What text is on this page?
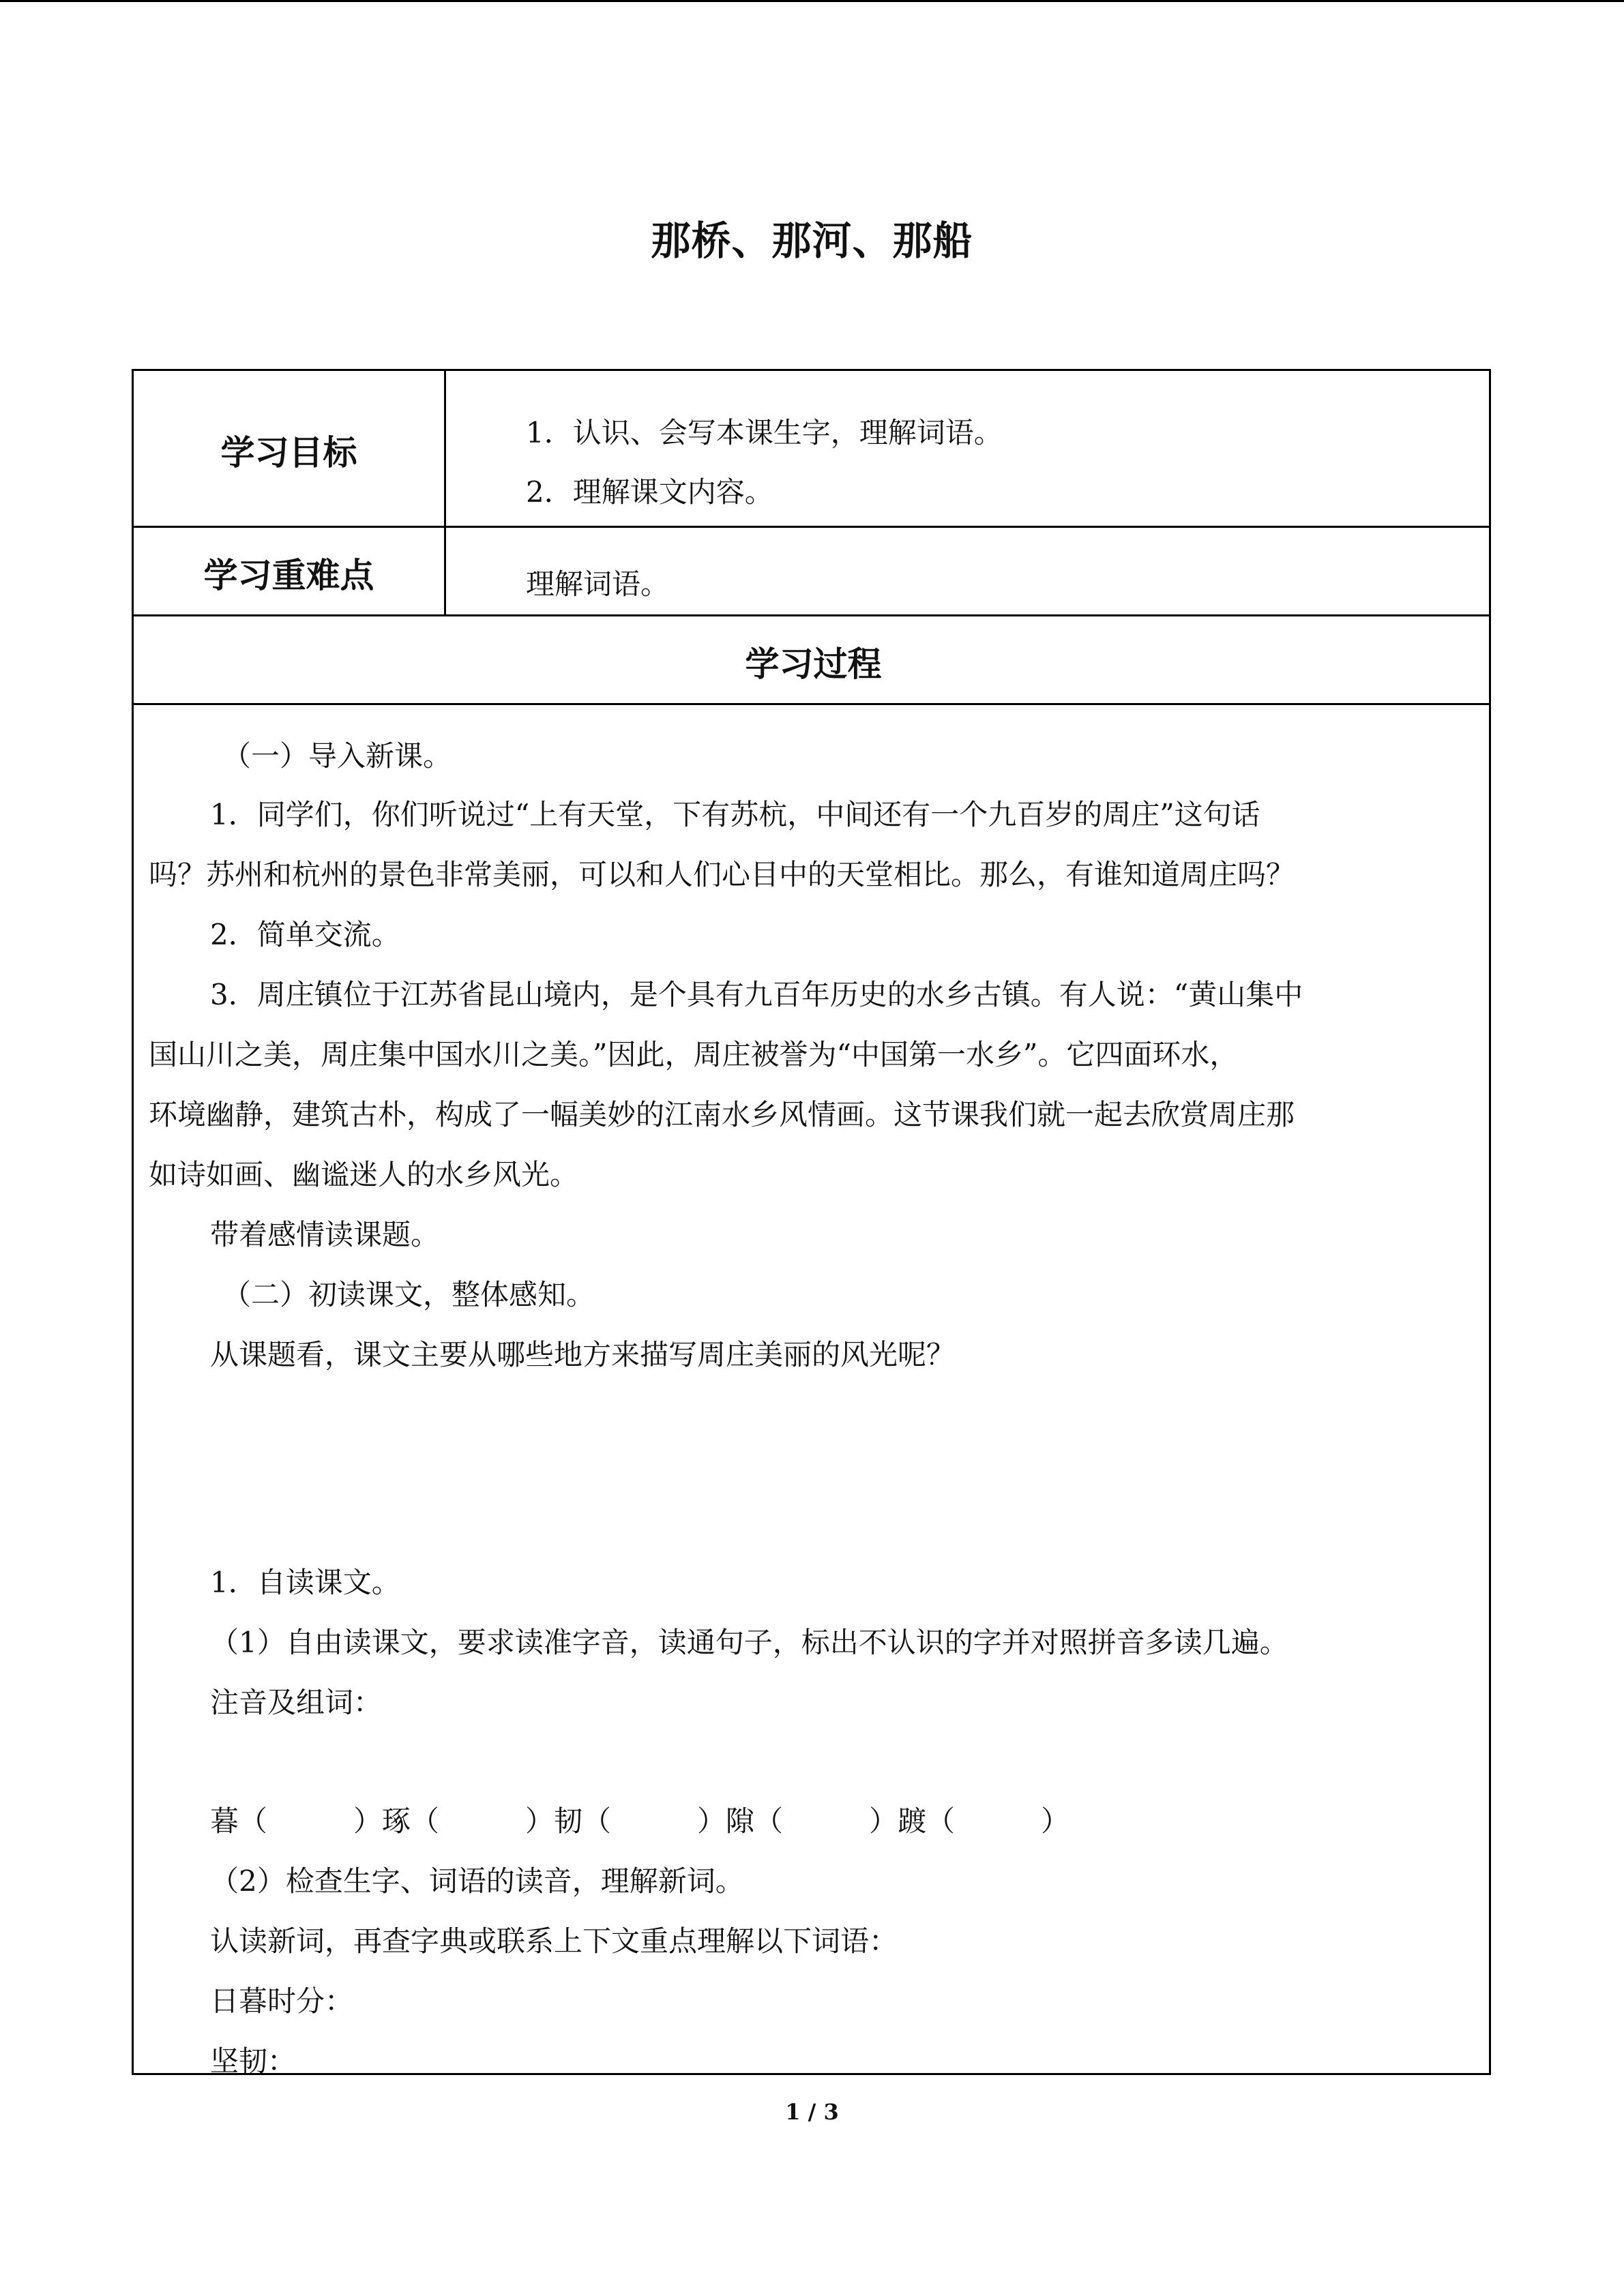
那桥、那河、那船
学习目标
1．认识、会写本课生字，理解词语。
2．理解课文内容。
学习重难点	理解词语。
学习过程
（一）导入新课。
1．同学们，你们听说过“上有天堂，下有苏杭，中间还有一个九百岁的周庄”这句话
吗？苏州和杭州的景色非常美丽，可以和人们心目中的天堂相比。那么，有谁知道周庄吗？
2．简单交流。
3．周庄镇位于江苏省昆山境内，是个具有九百年历史的水乡古镇。有人说：“黄山集中
国山川之美，周庄集中国水川之美。”因此，周庄被誉为“中国第一水乡”。它四面环水，
环境幽静，建筑古朴，构成了一幅美妙的江南水乡风情画。这节课我们就一起去欣赏周庄那
如诗如画、幽谧迷人的水乡风光。
带着感情读课题。
（二）初读课文，整体感知。
从课题看，课文主要从哪些地方来描写周庄美丽的风光呢？
1．自读课文。
（1）自由读课文，要求读准字音，读通句子，标出不认识的字并对照拼音多读几遍。
注音及组词：
暮（　　　）琢（　　　）韧（　　　）隙（　　　）踱（　　　）
（2）检查生字、词语的读音，理解新词。
认读新词，再查字典或联系上下文重点理解以下词语：
日暮时分：
坚韧：
1 / 3
